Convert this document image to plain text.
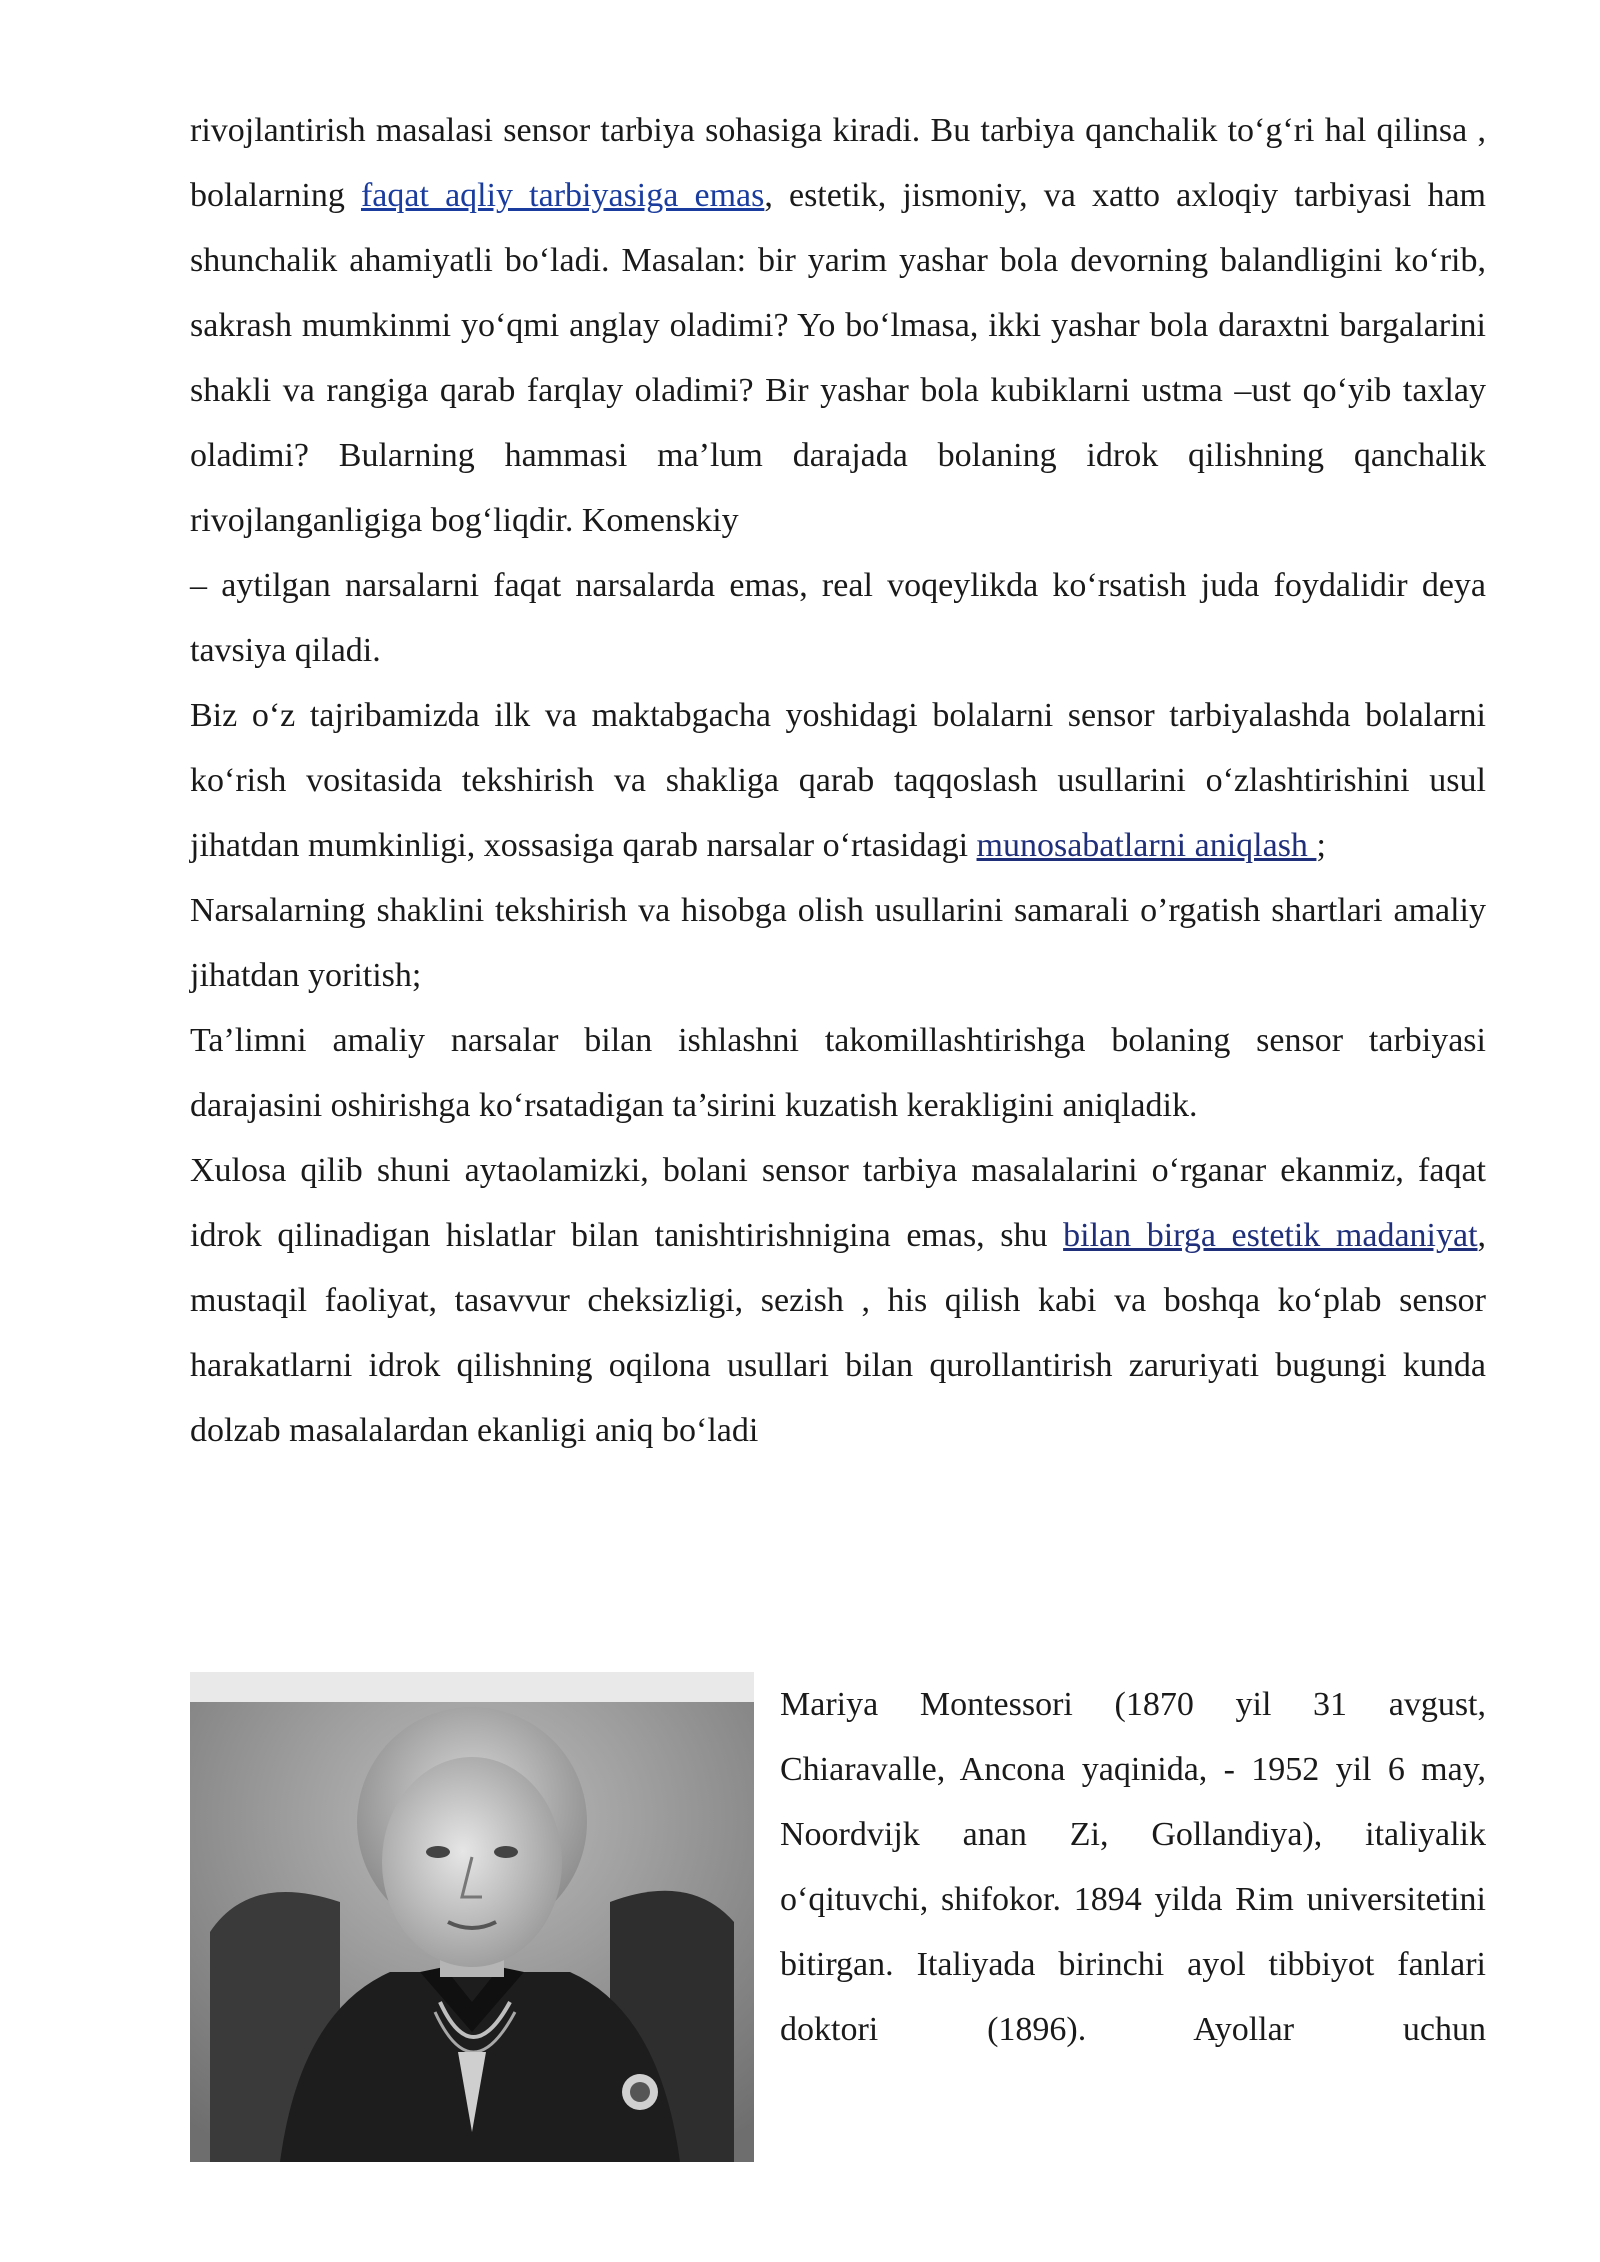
rivojlantirish masalasi sensor tarbiya sohasiga kiradi. Bu tarbiya qanchalik to‘g‘ri hal qilinsa , bolalarning faqat aqliy tarbiyasiga emas, estetik, jismoniy, va xatto axloqiy tarbiyasi ham shunchalik ahamiyatli bo‘ladi. Masalan: bir yarim yashar bola devorning balandligini ko‘rib, sakrash mumkinmi yo‘qmi anglay oladimi? Yo bo‘lmasa, ikki yashar bola daraxtni bargalarini shakli va rangiga qarab farqlay oladimi? Bir yashar bola kubiklarni ustma –ust qo‘yib taxlay oladimi? Bularning hammasi ma’lum darajada bolaning idrok qilishning qanchalik rivojlanganligiga bog‘liqdir. Komenskiy

– aytilgan narsalarni faqat narsalarda emas, real voqeylikda ko‘rsatish juda foydalidir deya tavsiya qiladi.

Biz o‘z tajribamizda ilk va maktabgacha yoshidagi bolalarni sensor tarbiyalashda bolalarni ko‘rish vositasida tekshirish va shakliga qarab taqqoslash usullarini o‘zlashtirishini usul jihatdan mumkinligi, xossasiga qarab narsalar o‘rtasidagi munosabatlarni aniqlash ;

Narsalarning shaklini tekshirish va hisobga olish usullarini samarali o’rgatish shartlari amaliy jihatdan yoritish;

Ta’limni amaliy narsalar bilan ishlashni takomillashtirishga bolaning sensor tarbiyasi darajasini oshirishga ko‘rsatadigan ta’sirini kuzatish kerakligini aniqladik.

Xulosa qilib shuni aytaolamizki, bolani sensor tarbiya masalalarini o‘rganar ekanmiz, faqat idrok qilinadigan hislatlar bilan tanishtirishnigina emas, shu bilan birga estetik madaniyat, mustaqil faoliyat, tasavvur cheksizligi, sezish , his qilish kabi va boshqa ko‘plab sensor harakatlarni idrok qilishning oqilona usullari bilan qurollantirish zaruriyati bugungi kunda dolzab masalalardan ekanligi aniq bo‘ladi

Mariya Montessori (1870 yil 31 avgust, Chiaravalle, Ancona yaqinida, - 1952 yil 6 may, Noordvijk anan Zi, Gollandiya), italiyalik o‘qituvchi, shifokor. 1894 yilda Rim universitetini bitirgan. Italiyada birinchi ayol tibbiyot fanlari doktori (1896). Ayollar uchun
